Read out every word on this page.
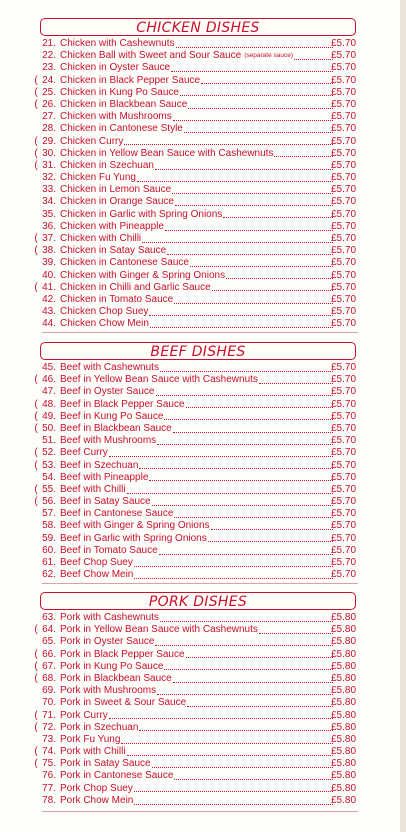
CHICKEN DISHES
21. Chicken with Cashewnuts	£5.70
22. Chicken Ball with Sweet and Sour Sauce (separate sauce)	£5.70
23. Chicken in Oyster Sauce	£5.70
( 24. Chicken in Black Pepper Sauce	£5.70
( 25. Chicken in Kung Po Sauce	£5.70
( 26. Chicken in Blackbean Sauce	£5.70
27. Chicken with Mushrooms	£5.70
28. Chicken in Cantonese Style	£5.70
( 29. Chicken Curry	£5.70
( 30. Chicken in Yellow Bean Sauce with Cashewnuts	£5.70
( 31. Chicken in Szechuan	£5.70
32. Chicken Fu Yung	£5.70
33. Chicken in Lemon Sauce	£5.70
34. Chicken in Orange Sauce	£5.70
35. Chicken in Garlic with Spring Onions	£5.70
36. Chicken with Pineapple	£5.70
( 37. Chicken with Chilli	£5.70
( 38. Chicken in Satay Sauce	£5.70
39. Chicken in Cantonese Sauce	£5.70
40. Chicken with Ginger & Spring Onions	£5.70
( 41. Chicken in Chilli and Garlic Sauce	£5.70
42. Chicken in Tomato Sauce	£5.70
43. Chicken Chop Suey	£5.70
44. Chicken Chow Mein	£5.70
BEEF DISHES
45. Beef with Cashewnuts	£5.70
( 46. Beef in Yellow Bean Sauce with Cashewnuts	£5.70
47. Beef in Oyster Sauce	£5.70
( 48. Beef in Black Pepper Sauce	£5.70
( 49. Beef in Kung Po Sauce	£5.70
( 50. Beef in Blackbean Sauce	£5.70
51. Beef with Mushrooms	£5.70
( 52. Beef Curry	£5.70
( 53. Beef in Szechuan	£5.70
54. Beef with Pineapple	£5.70
( 55. Beef with Chilli	£5.70
( 56. Beef in Satay Sauce	£5.70
57. Beef in Cantonese Sauce	£5.70
58. Beef with Ginger & Spring Onions	£5.70
59. Beef in Garlic with Spring Onions	£5.70
60. Beef in Tomato Sauce	£5.70
61. Beef Chop Suey	£5.70
62. Beef Chow Mein	£5.70
PORK DISHES
63. Pork with Cashewnuts	£5.80
( 64. Pork in Yellow Bean Sauce with Cashewnuts	£5.80
65. Pork in Oyster Sauce	£5.80
( 66. Pork in Black Pepper Sauce	£5.80
( 67. Pork in Kung Po Sauce	£5.80
( 68. Pork in Blackbean Sauce	£5.80
69. Pork with Mushrooms	£5.80
70. Pork in Sweet & Sour Sauce	£5.80
( 71. Pork Curry	£5.80
( 72. Pork in Szechuan	£5.80
73. Pork Fu Yung	£5.80
( 74. Pork with Chilli	£5.80
( 75. Pork in Satay Sauce	£5.80
76. Pork in Cantonese Sauce	£5.80
77. Pork Chop Suey	£5.80
78. Pork Chow Mein	£5.80
